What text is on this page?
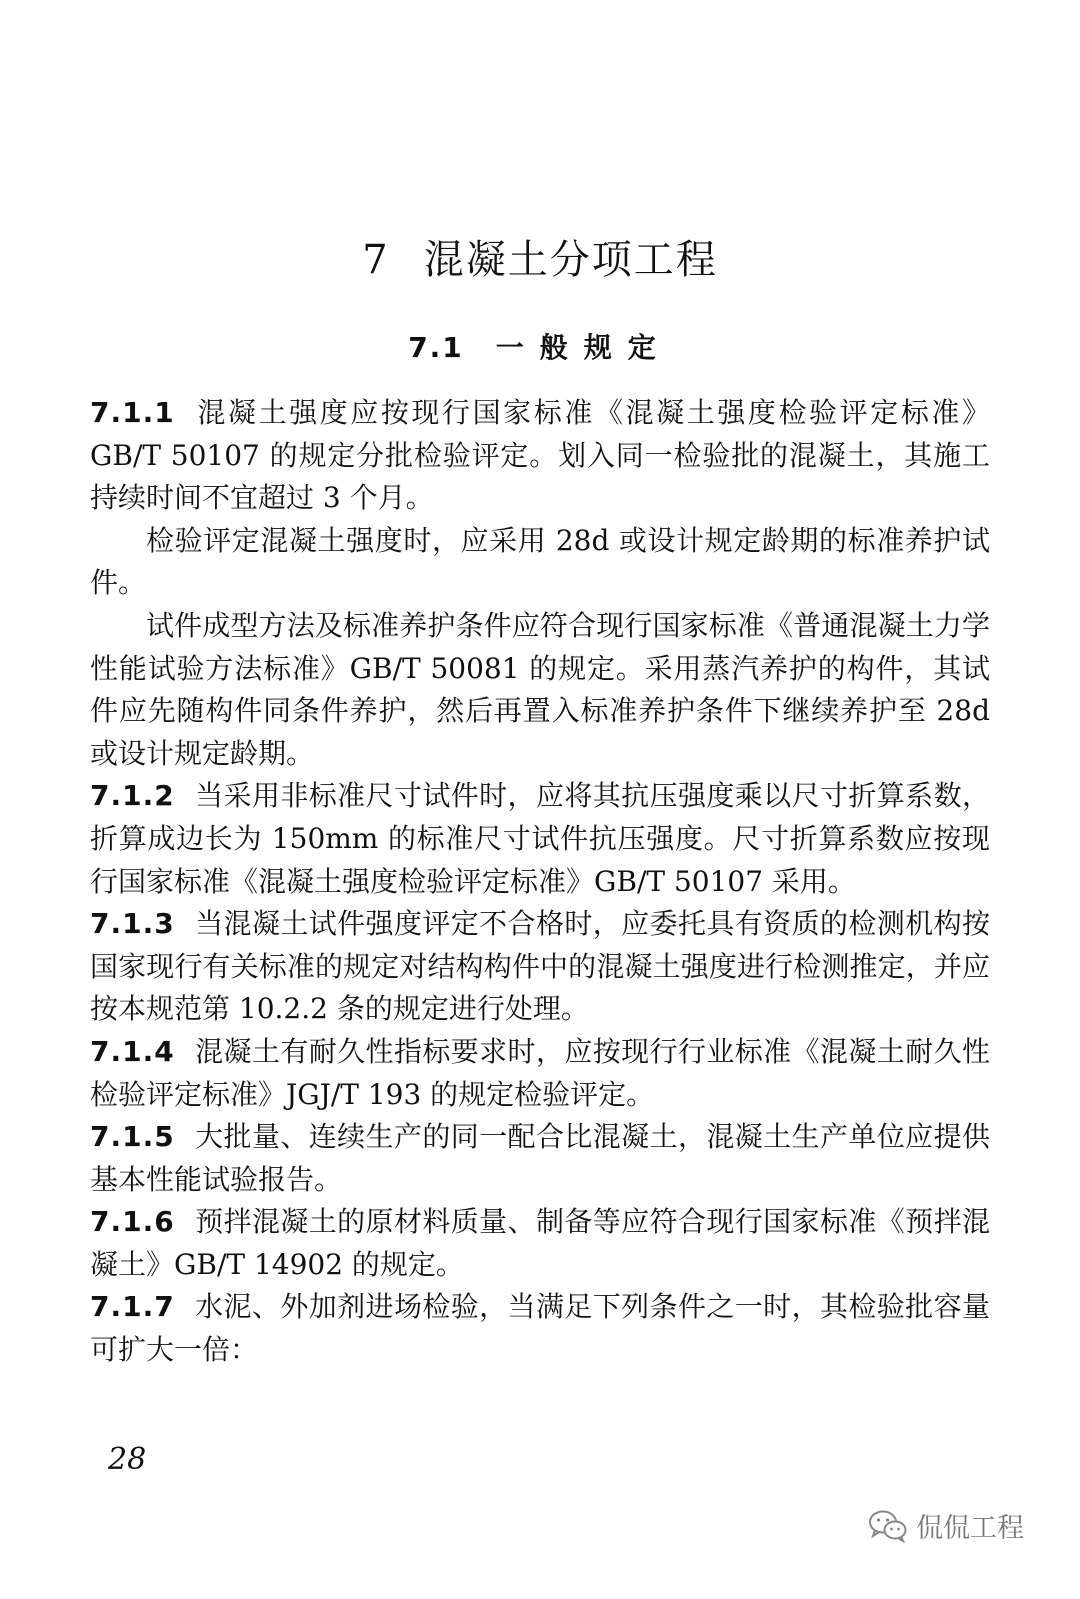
7 混凝土分项工程
7.1 一般规定

7.1.1 混凝土强度应按现行国家标准《混凝土强度检验评定标准》GB/T 50107 的规定分批检验评定。划入同一检验批的混凝土，其施工持续时间不宜超过 3 个月。

检验评定混凝土强度时，应采用 28d 或设计规定龄期的标准养护试件。

试件成型方法及标准养护条件应符合现行国家标准《普通混凝土力学性能试验方法标准》GB/T 50081 的规定。采用蒸汽养护的构件，其试件应先随构件同条件养护，然后再置入标准养护条件下继续养护至 28d 或设计规定龄期。

7.1.2 当采用非标准尺寸试件时，应将其抗压强度乘以尺寸折算系数，折算成边长为 150mm 的标准尺寸试件抗压强度。尺寸折算系数应按现行国家标准《混凝土强度检验评定标准》GB/T 50107 采用。

7.1.3 当混凝土试件强度评定不合格时，应委托具有资质的检测机构按国家现行有关标准的规定对结构构件中的混凝土强度进行检测推定，并应按本规范第 10.2.2 条的规定进行处理。

7.1.4 混凝土有耐久性指标要求时，应按现行行业标准《混凝土耐久性检验评定标准》JGJ/T 193 的规定检验评定。

7.1.5 大批量、连续生产的同一配合比混凝土，混凝土生产单位应提供基本性能试验报告。

7.1.6 预拌混凝土的原材料质量、制备等应符合现行国家标准《预拌混凝土》GB/T 14902 的规定。

7.1.7 水泥、外加剂进场检验，当满足下列条件之一时，其检验批容量可扩大一倍：

28
侃侃工程
